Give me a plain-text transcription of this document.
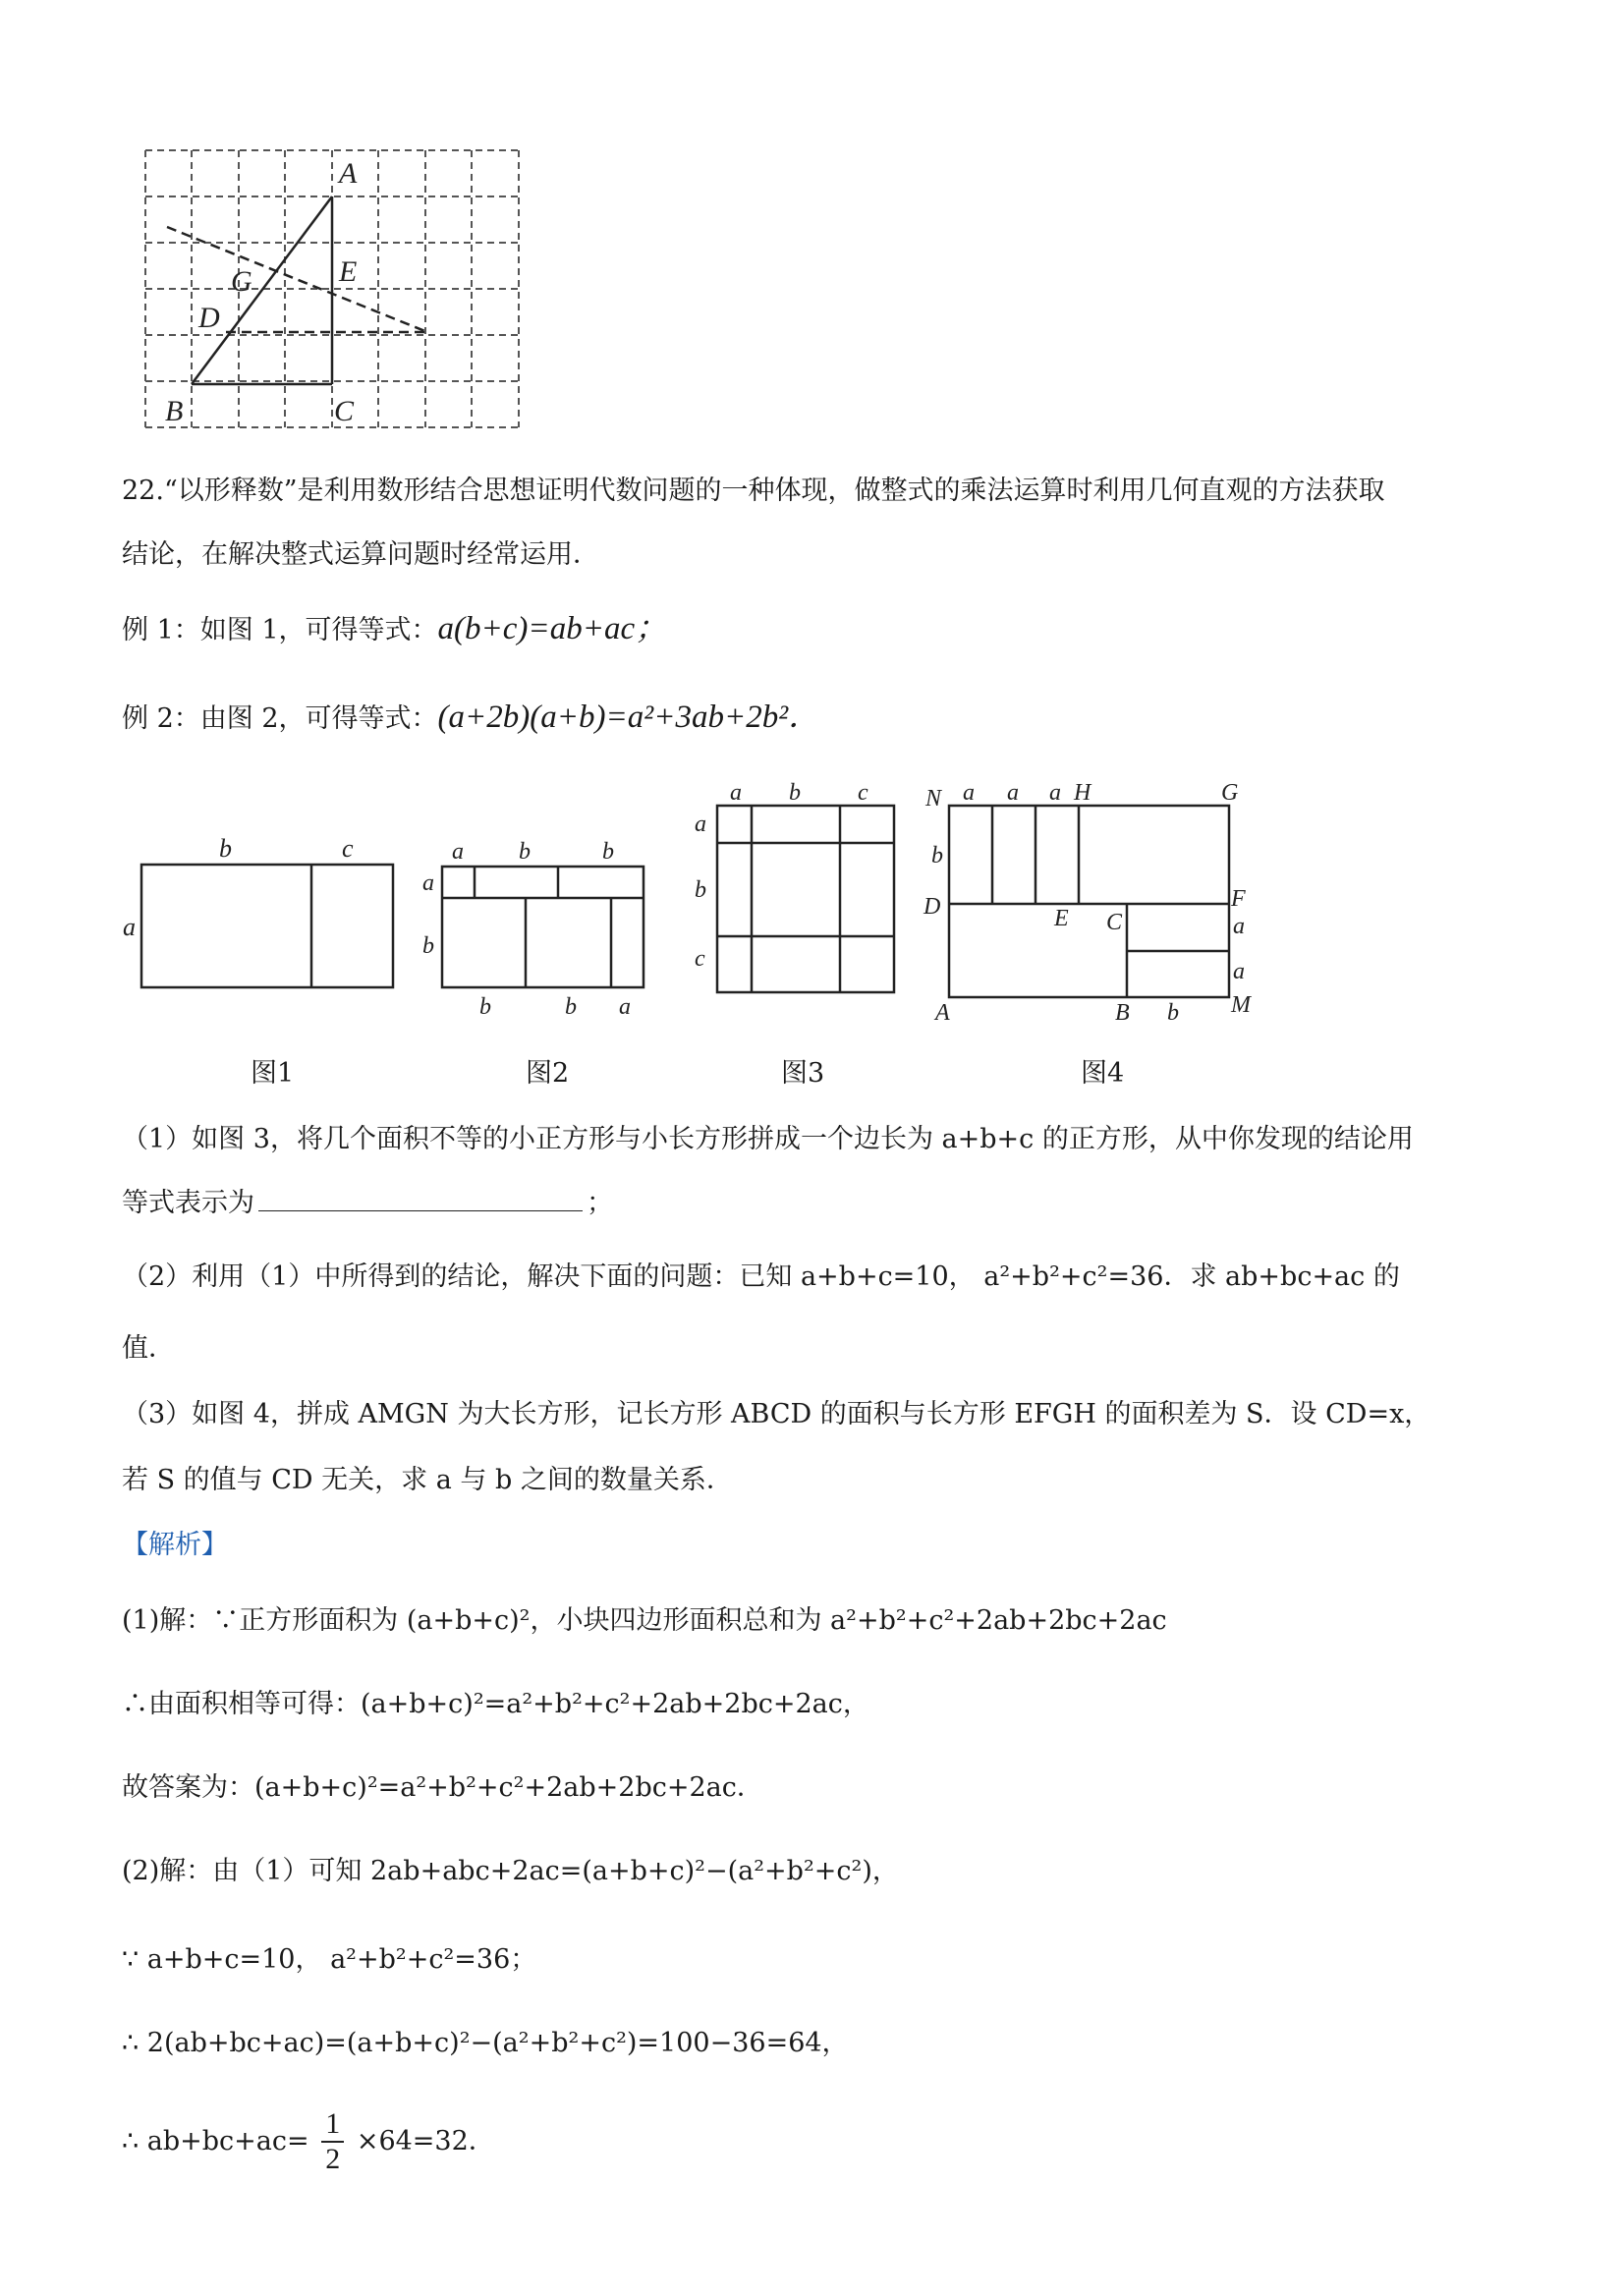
A
B	C
D
E
G
22.“以形释数”是利用数形结合思想证明代数问题的一种体现，做整式的乘法运算时利用几何直观的方法获取
结论，在解决整式运算问题时经常运用．
例 1：如图 1，可得等式：a(b+c)=ab+ac；
例 2：由图 2，可得等式：(a+2b)(a+b)=a²+3ab+2b²．
b	c
a
图1
a b	b
a
b
b	b a
图2
a b c
a
b
c
图3
N a a a H	G
b
D	E C
F
a
a
A	B b M
图4
（1）如图 3，将几个面积不等的小正方形与小长方形拼成一个边长为 a+b+c 的正方形，从中你发现的结论用
等式表示为	；
（2）利用（1）中所得到的结论，解决下面的问题：已知 a+b+c=10， a²+b²+c²=36．求 ab+bc+ac 的
值．
（3）如图 4，拼成 AMGN 为大长方形，记长方形 ABCD 的面积与长方形 EFGH 的面积差为 S．设 CD=x，
若 S 的值与 CD 无关，求 a 与 b 之间的数量关系．
【解析】
(1)解：∵正方形面积为 (a+b+c)²，小块四边形面积总和为 a²+b²+c²+2ab+2bc+2ac
∴由面积相等可得：(a+b+c)²=a²+b²+c²+2ab+2bc+2ac，
故答案为：(a+b+c)²=a²+b²+c²+2ab+2bc+2ac．
(2)解：由（1）可知 2ab+abc+2ac=(a+b+c)²−(a²+b²+c²)，
∵ a+b+c=10， a²+b²+c²=36；
∴ 2(ab+bc+ac)=(a+b+c)²−(a²+b²+c²)=100−36=64，
∴ $ab+bc+ac= \frac{1}{2} \times 64=32$．
